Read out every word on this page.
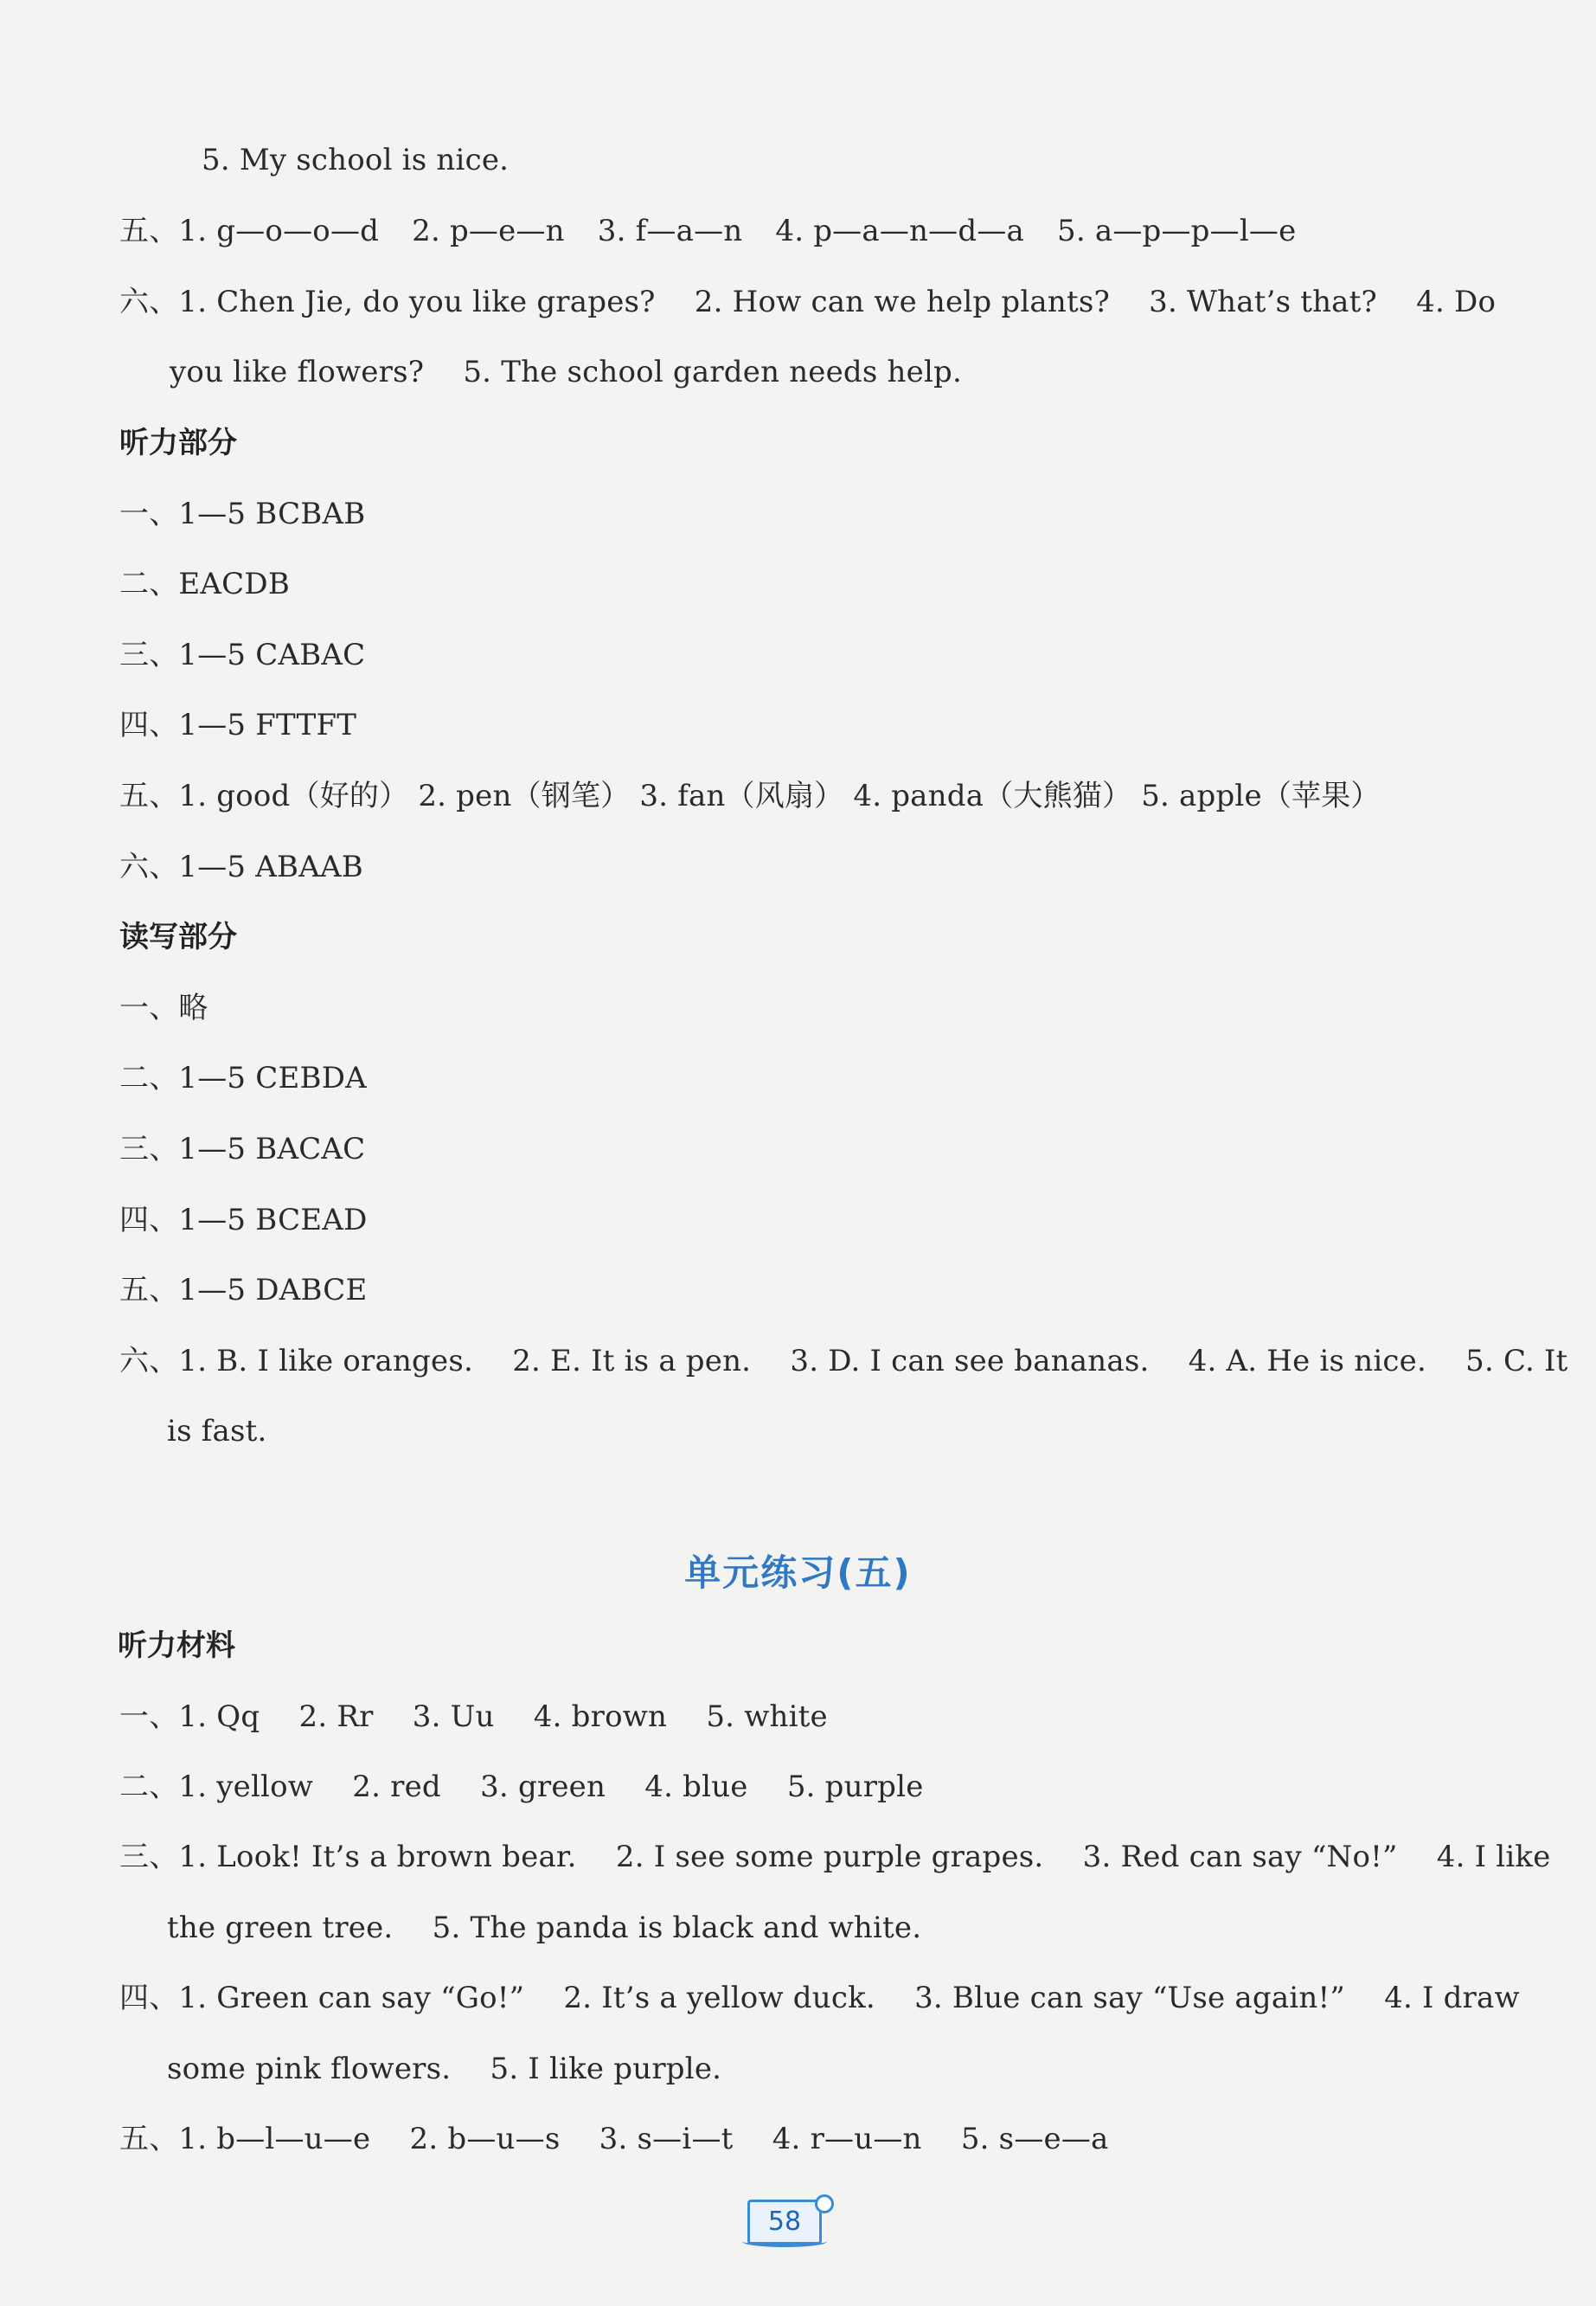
5. My school is nice.
五、1. g—o—o—d 2. p—e—n 3. f—a—n 4. p—a—n—d—a 5. a—p—p—l—e
六、1. Chen Jie, do you like grapes?　 2. How can we help plants?　 3. What’s that?　 4. Do
you like flowers?　 5. The school garden needs help.
听力部分
一、1—5 BCBAB
二、EACDB
三、1—5 CABAC
四、1—5 FTTFT
五、1. good（好的） 2. pen（钢笔） 3. fan（风扇） 4. panda（大熊猫） 5. apple（苹果）
六、1—5 ABAAB
读写部分
一、略
二、1—5 CEBDA
三、1—5 BACAC
四、1—5 BCEAD
五、1—5 DABCE
六、1. B. I like oranges.　 2. E. It is a pen.　 3. D. I can see bananas.　 4. A. He is nice.　 5. C. It
is fast.
单元练习(五)
听力材料
一、1. Qq　 2. Rr　 3. Uu　 4. brown　 5. white
二、1. yellow　 2. red　 3. green　 4. blue　 5. purple
三、1. Look! It’s a brown bear.　 2. I see some purple grapes.　 3. Red can say “No!”　 4. I like
the green tree.　 5. The panda is black and white.
四、1. Green can say “Go!”　 2. It’s a yellow duck.　 3. Blue can say “Use again!”　 4. I draw
some pink flowers.　 5. I like purple.
五、1. b—l—u—e　 2. b—u—s　 3. s—i—t　 4. r—u—n　 5. s—e—a
58
